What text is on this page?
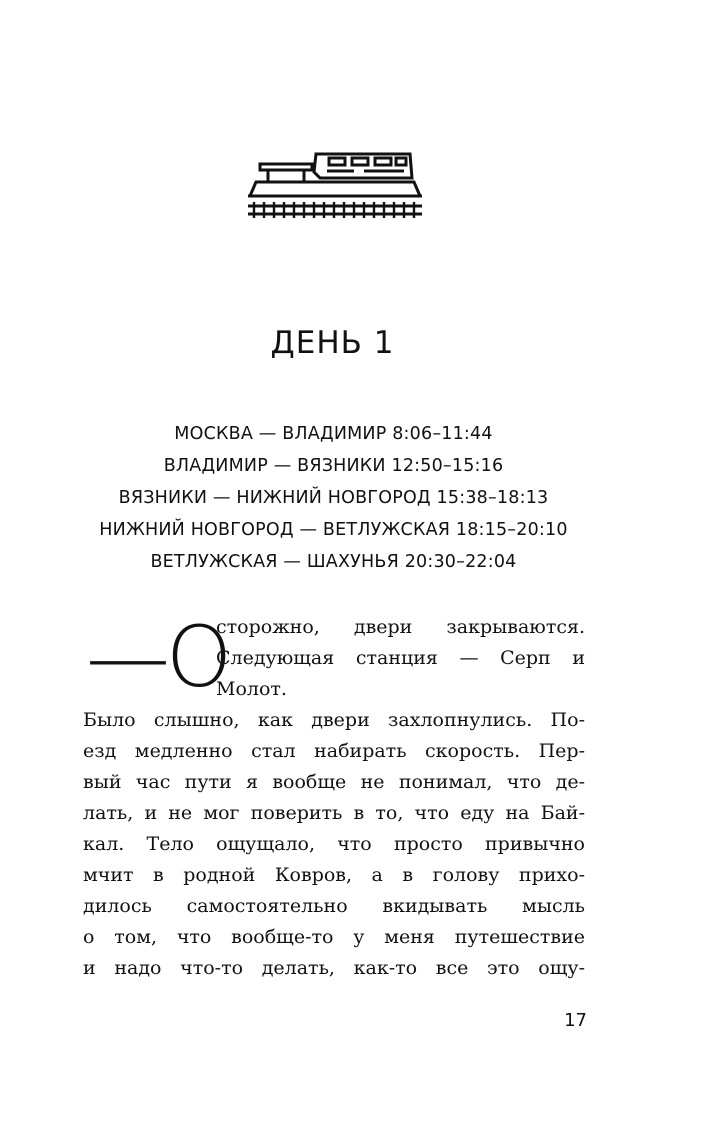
ДЕНЬ 1
МОСКВА — ВЛАДИМИР 8:06–11:44
ВЛАДИМИР — ВЯЗНИКИ 12:50–15:16
ВЯЗНИКИ — НИЖНИЙ НОВГОРОД 15:38–18:13
НИЖНИЙ НОВГОРОД — ВЕТЛУЖСКАЯ 18:15–20:10
ВЕТЛУЖСКАЯ — ШАХУНЬЯ 20:30–22:04
—О
сторожно, двери закрываются. Следующая станция — Серп и Молот.
Было слышно, как двери захлопнулись. По-
езд медленно стал набирать скорость. Пер-
вый час пути я вообще не понимал, что де-
лать, и не мог поверить в то, что еду на Бай-
кал. Тело ощущало, что просто привычно
мчит в родной Ковров, а в голову прихо-
дилось самостоятельно вкидывать мысль
о том, что вообще-то у меня путешествие
и надо что-то делать, как-то все это ощу-
17
